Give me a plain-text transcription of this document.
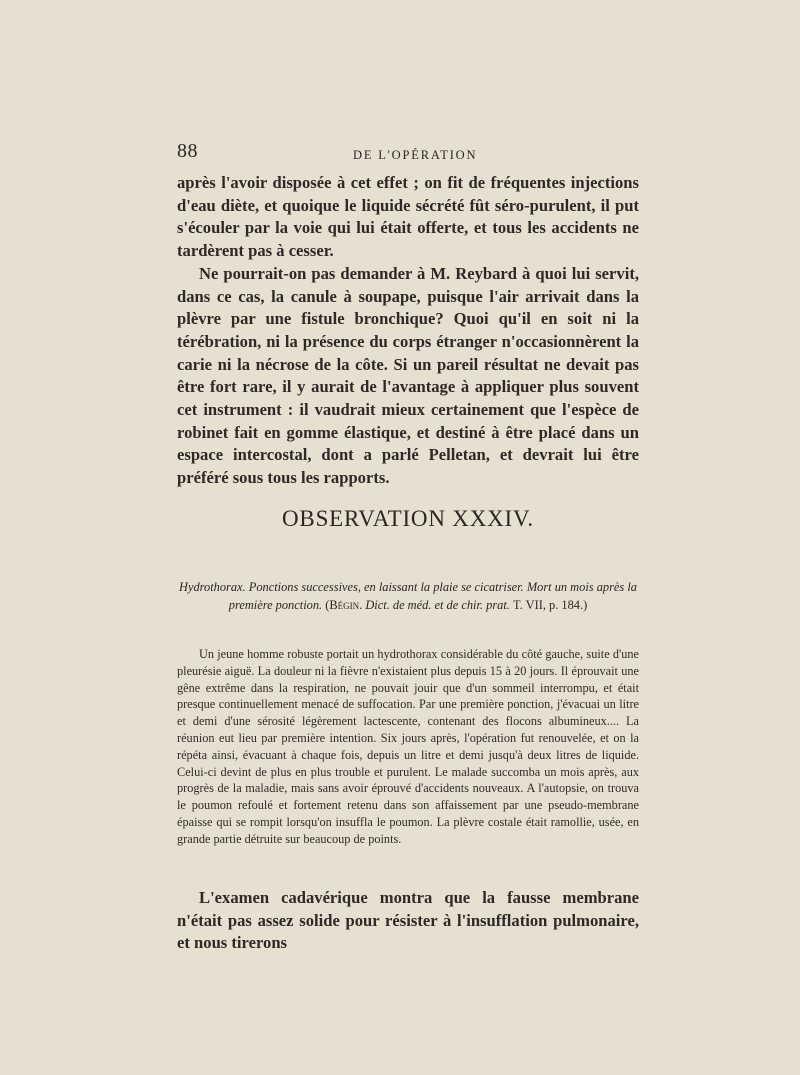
88	DE L'OPÉRATION

après l'avoir disposée à cet effet ; on fit de fréquentes injections d'eau diète, et quoique le liquide sécrété fût séro-purulent, il put s'écouler par la voie qui lui était offerte, et tous les accidents ne tardèrent pas à cesser.

Ne pourrait-on pas demander à M. Reybard à quoi lui servit, dans ce cas, la canule à soupape, puisque l'air arrivait dans la plèvre par une fistule bronchique? Quoi qu'il en soit ni la térébration, ni la présence du corps étranger n'occasionnèrent la carie ni la nécrose de la côte. Si un pareil résultat ne devait pas être fort rare, il y aurait de l'avantage à appliquer plus souvent cet instrument : il vaudrait mieux certainement que l'espèce de robinet fait en gomme élastique, et destiné à être placé dans un espace intercostal, dont a parlé Pelletan, et devrait lui être préféré sous tous les rapports.

OBSERVATION XXXIV.
Hydrothorax. Ponctions successives, en laissant la plaie se cicatriser. Mort un mois après la première ponction. (Bégin. Dict. de méd. et de chir. prat. T. VII, p. 184.)
Un jeune homme robuste portait un hydrothorax considérable du côté gauche, suite d'une pleurésie aiguë. La douleur ni la fièvre n'existaient plus depuis 15 à 20 jours. Il éprouvait une gêne extrême dans la respiration, ne pouvait jouir que d'un sommeil interrompu, et était presque continuellement menacé de suffocation. Par une première ponction, j'évacuai un litre et demi d'une sérosité légèrement lactescente, contenant des flocons albumineux.... La réunion eut lieu par première intention. Six jours après, l'opération fut renouvelée, et on la répéta ainsi, évacuant à chaque fois, depuis un litre et demi jusqu'à deux litres de liquide. Celui-ci devint de plus en plus trouble et purulent. Le malade succomba un mois après, aux progrès de la maladie, mais sans avoir éprouvé d'accidents nouveaux. A l'autopsie, on trouva le poumon refoulé et fortement retenu dans son affaissement par une pseudo-membrane épaisse qui se rompit lorsqu'on insuffla le poumon. La plèvre costale était ramollie, usée, en grande partie détruite sur beaucoup de points.
L'examen cadavérique montra que la fausse membrane n'était pas assez solide pour résister à l'insufflation pulmonaire, et nous tirerons
